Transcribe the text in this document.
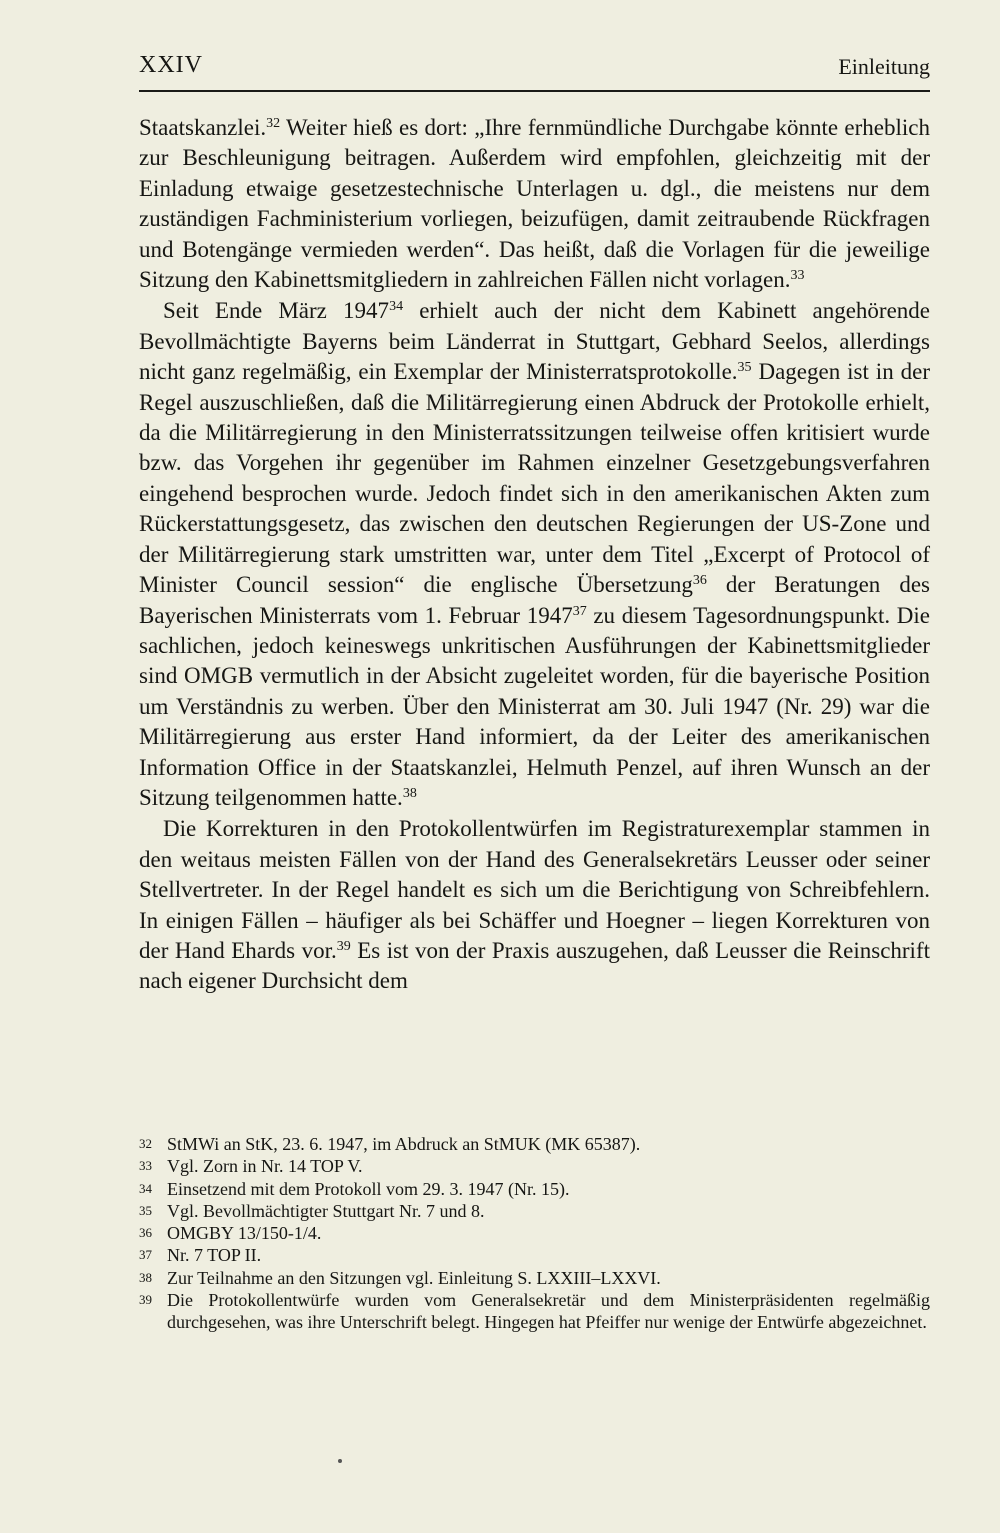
XXIV	Einleitung

Staatskanzlei.$^{32}$ Weiter hieß es dort: „Ihre fernmündliche Durchgabe könnte erheblich zur Beschleunigung beitragen. Außerdem wird empfohlen, gleichzeitig mit der Einladung etwaige gesetzestechnische Unterlagen u. dgl., die meistens nur dem zuständigen Fachministerium vorliegen, beizufügen, damit zeitraubende Rückfragen und Botengänge vermieden werden“. Das heißt, daß die Vorlagen für die jeweilige Sitzung den Kabinettsmitgliedern in zahlreichen Fällen nicht vorlagen.$^{33}$

Seit Ende März 1947$^{34}$ erhielt auch der nicht dem Kabinett angehörende Bevollmächtigte Bayerns beim Länderrat in Stuttgart, Gebhard Seelos, allerdings nicht ganz regelmäßig, ein Exemplar der Ministerratsprotokolle.$^{35}$ Dagegen ist in der Regel auszuschließen, daß die Militärregierung einen Abdruck der Protokolle erhielt, da die Militärregierung in den Ministerratssitzungen teilweise offen kritisiert wurde bzw. das Vorgehen ihr gegenüber im Rahmen einzelner Gesetzgebungsverfahren eingehend besprochen wurde. Jedoch findet sich in den amerikanischen Akten zum Rückerstattungsgesetz, das zwischen den deutschen Regierungen der US-Zone und der Militärregierung stark umstritten war, unter dem Titel „Excerpt of Protocol of Minister Council session“ die englische Übersetzung$^{36}$ der Beratungen des Bayerischen Ministerrats vom 1. Februar 1947$^{37}$ zu diesem Tagesordnungspunkt. Die sachlichen, jedoch keineswegs unkritischen Ausführungen der Kabinettsmitglieder sind OMGB vermutlich in der Absicht zugeleitet worden, für die bayerische Position um Verständnis zu werben. Über den Ministerrat am 30. Juli 1947 (Nr. 29) war die Militärregierung aus erster Hand informiert, da der Leiter des amerikanischen Information Office in der Staatskanzlei, Helmuth Penzel, auf ihren Wunsch an der Sitzung teilgenommen hatte.$^{38}$

Die Korrekturen in den Protokollentwürfen im Registraturexemplar stammen in den weitaus meisten Fällen von der Hand des Generalsekretärs Leusser oder seiner Stellvertreter. In der Regel handelt es sich um die Berichtigung von Schreibfehlern. In einigen Fällen – häufiger als bei Schäffer und Hoegner – liegen Korrekturen von der Hand Ehards vor.$^{39}$ Es ist von der Praxis auszugehen, daß Leusser die Reinschrift nach eigener Durchsicht dem

32 StMWi an StK, 23. 6. 1947, im Abdruck an StMUK (MK 65387).
33 Vgl. Zorn in Nr. 14 TOP V.
34 Einsetzend mit dem Protokoll vom 29. 3. 1947 (Nr. 15).
35 Vgl. Bevollmächtigter Stuttgart Nr. 7 und 8.
36 OMGBY 13/150-1/4.
37 Nr. 7 TOP II.
38 Zur Teilnahme an den Sitzungen vgl. Einleitung S. LXXIII–LXXVI.
39 Die Protokollentwürfe wurden vom Generalsekretär und dem Ministerpräsidenten regelmäßig durchgesehen, was ihre Unterschrift belegt. Hingegen hat Pfeiffer nur wenige der Entwürfe abgezeichnet.
